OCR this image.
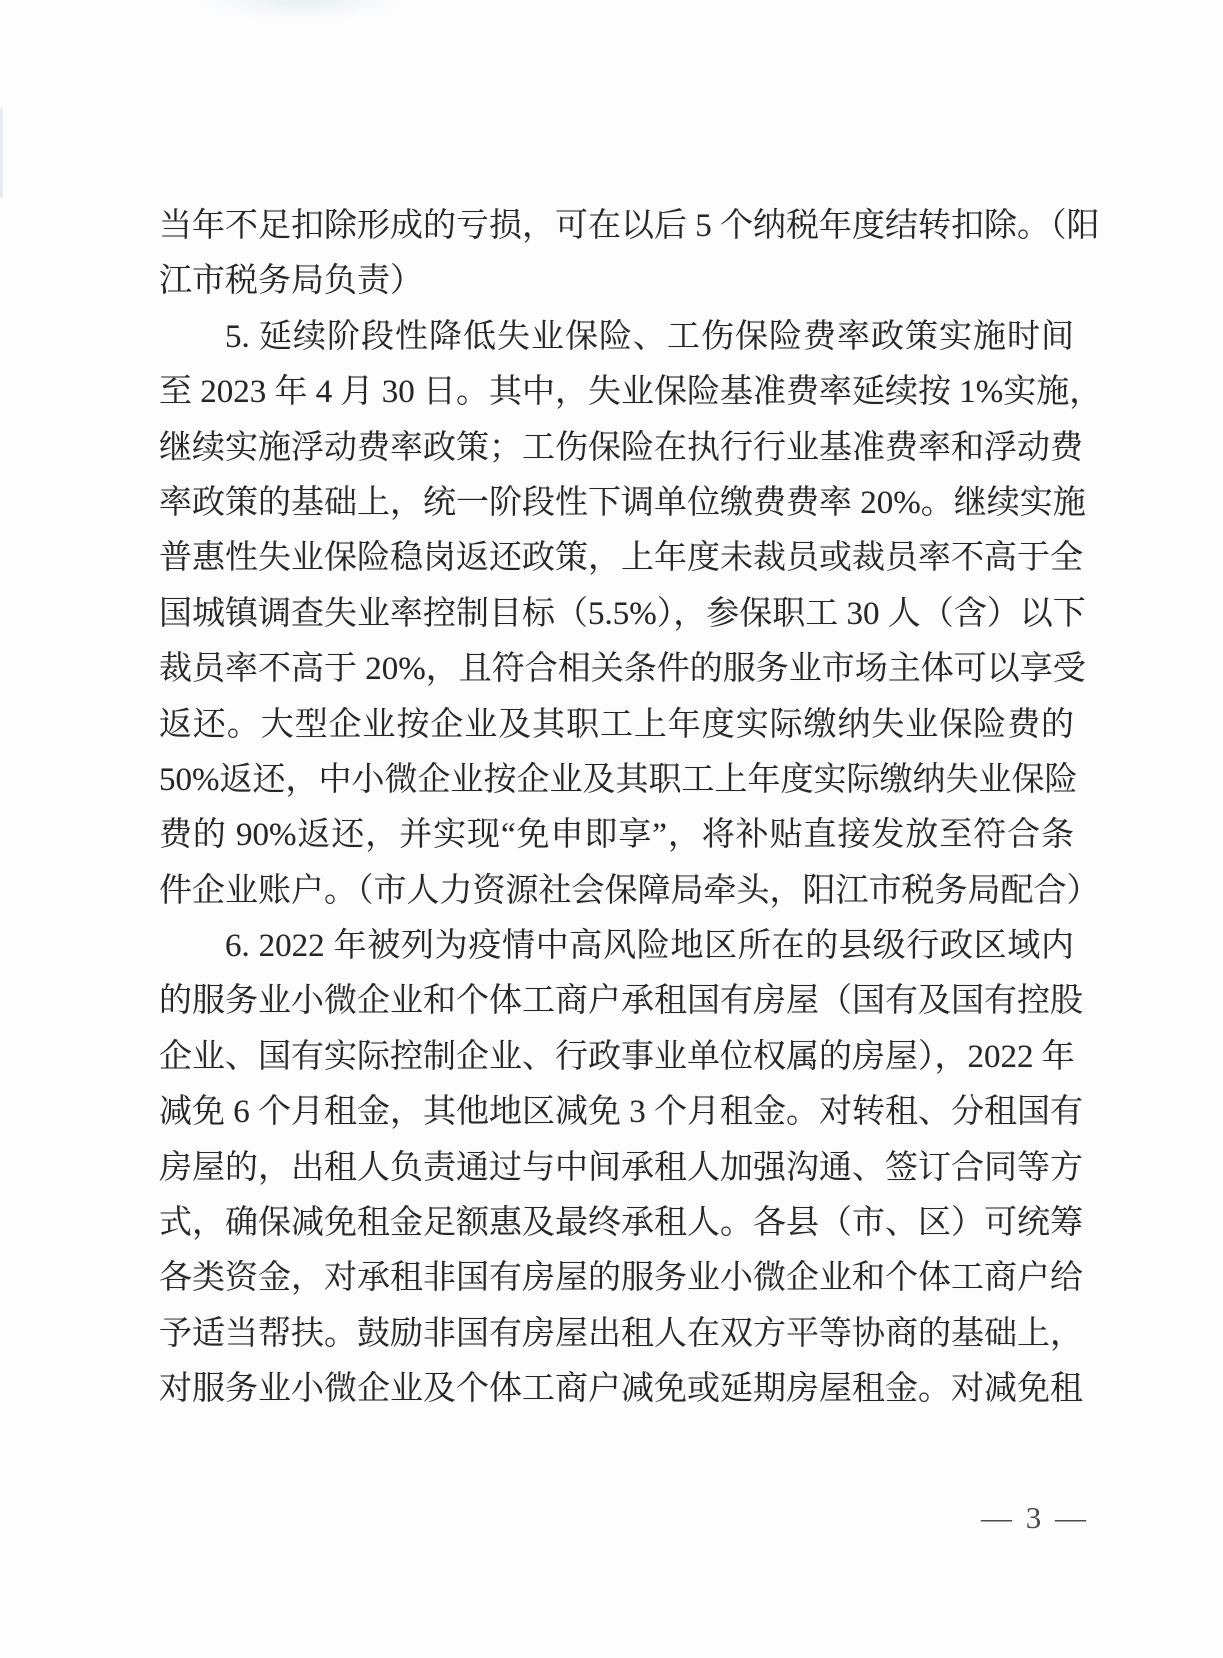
当年不足扣除形成的亏损，可在以后 5 个纳税年度结转扣除。（阳
江市税务局负责）
5. 延续阶段性降低失业保险、工伤保险费率政策实施时间
至 2023 年 4 月 30 日。其中，失业保险基准费率延续按 1%实施，
继续实施浮动费率政策；工伤保险在执行行业基准费率和浮动费
率政策的基础上，统一阶段性下调单位缴费费率 20%。继续实施
普惠性失业保险稳岗返还政策，上年度未裁员或裁员率不高于全
国城镇调查失业率控制目标（5.5%），参保职工 30 人（含）以下
裁员率不高于 20%，且符合相关条件的服务业市场主体可以享受
返还。大型企业按企业及其职工上年度实际缴纳失业保险费的
50%返还，中小微企业按企业及其职工上年度实际缴纳失业保险
费的 90%返还，并实现“免申即享”，将补贴直接发放至符合条
件企业账户。（市人力资源社会保障局牵头，阳江市税务局配合）
6. 2022 年被列为疫情中高风险地区所在的县级行政区域内
的服务业小微企业和个体工商户承租国有房屋（国有及国有控股
企业、国有实际控制企业、行政事业单位权属的房屋），2022 年
减免 6 个月租金，其他地区减免 3 个月租金。对转租、分租国有
房屋的，出租人负责通过与中间承租人加强沟通、签订合同等方
式，确保减免租金足额惠及最终承租人。各县（市、区）可统筹
各类资金，对承租非国有房屋的服务业小微企业和个体工商户给
予适当帮扶。鼓励非国有房屋出租人在双方平等协商的基础上，
对服务业小微企业及个体工商户减免或延期房屋租金。对减免租
— 3 —
